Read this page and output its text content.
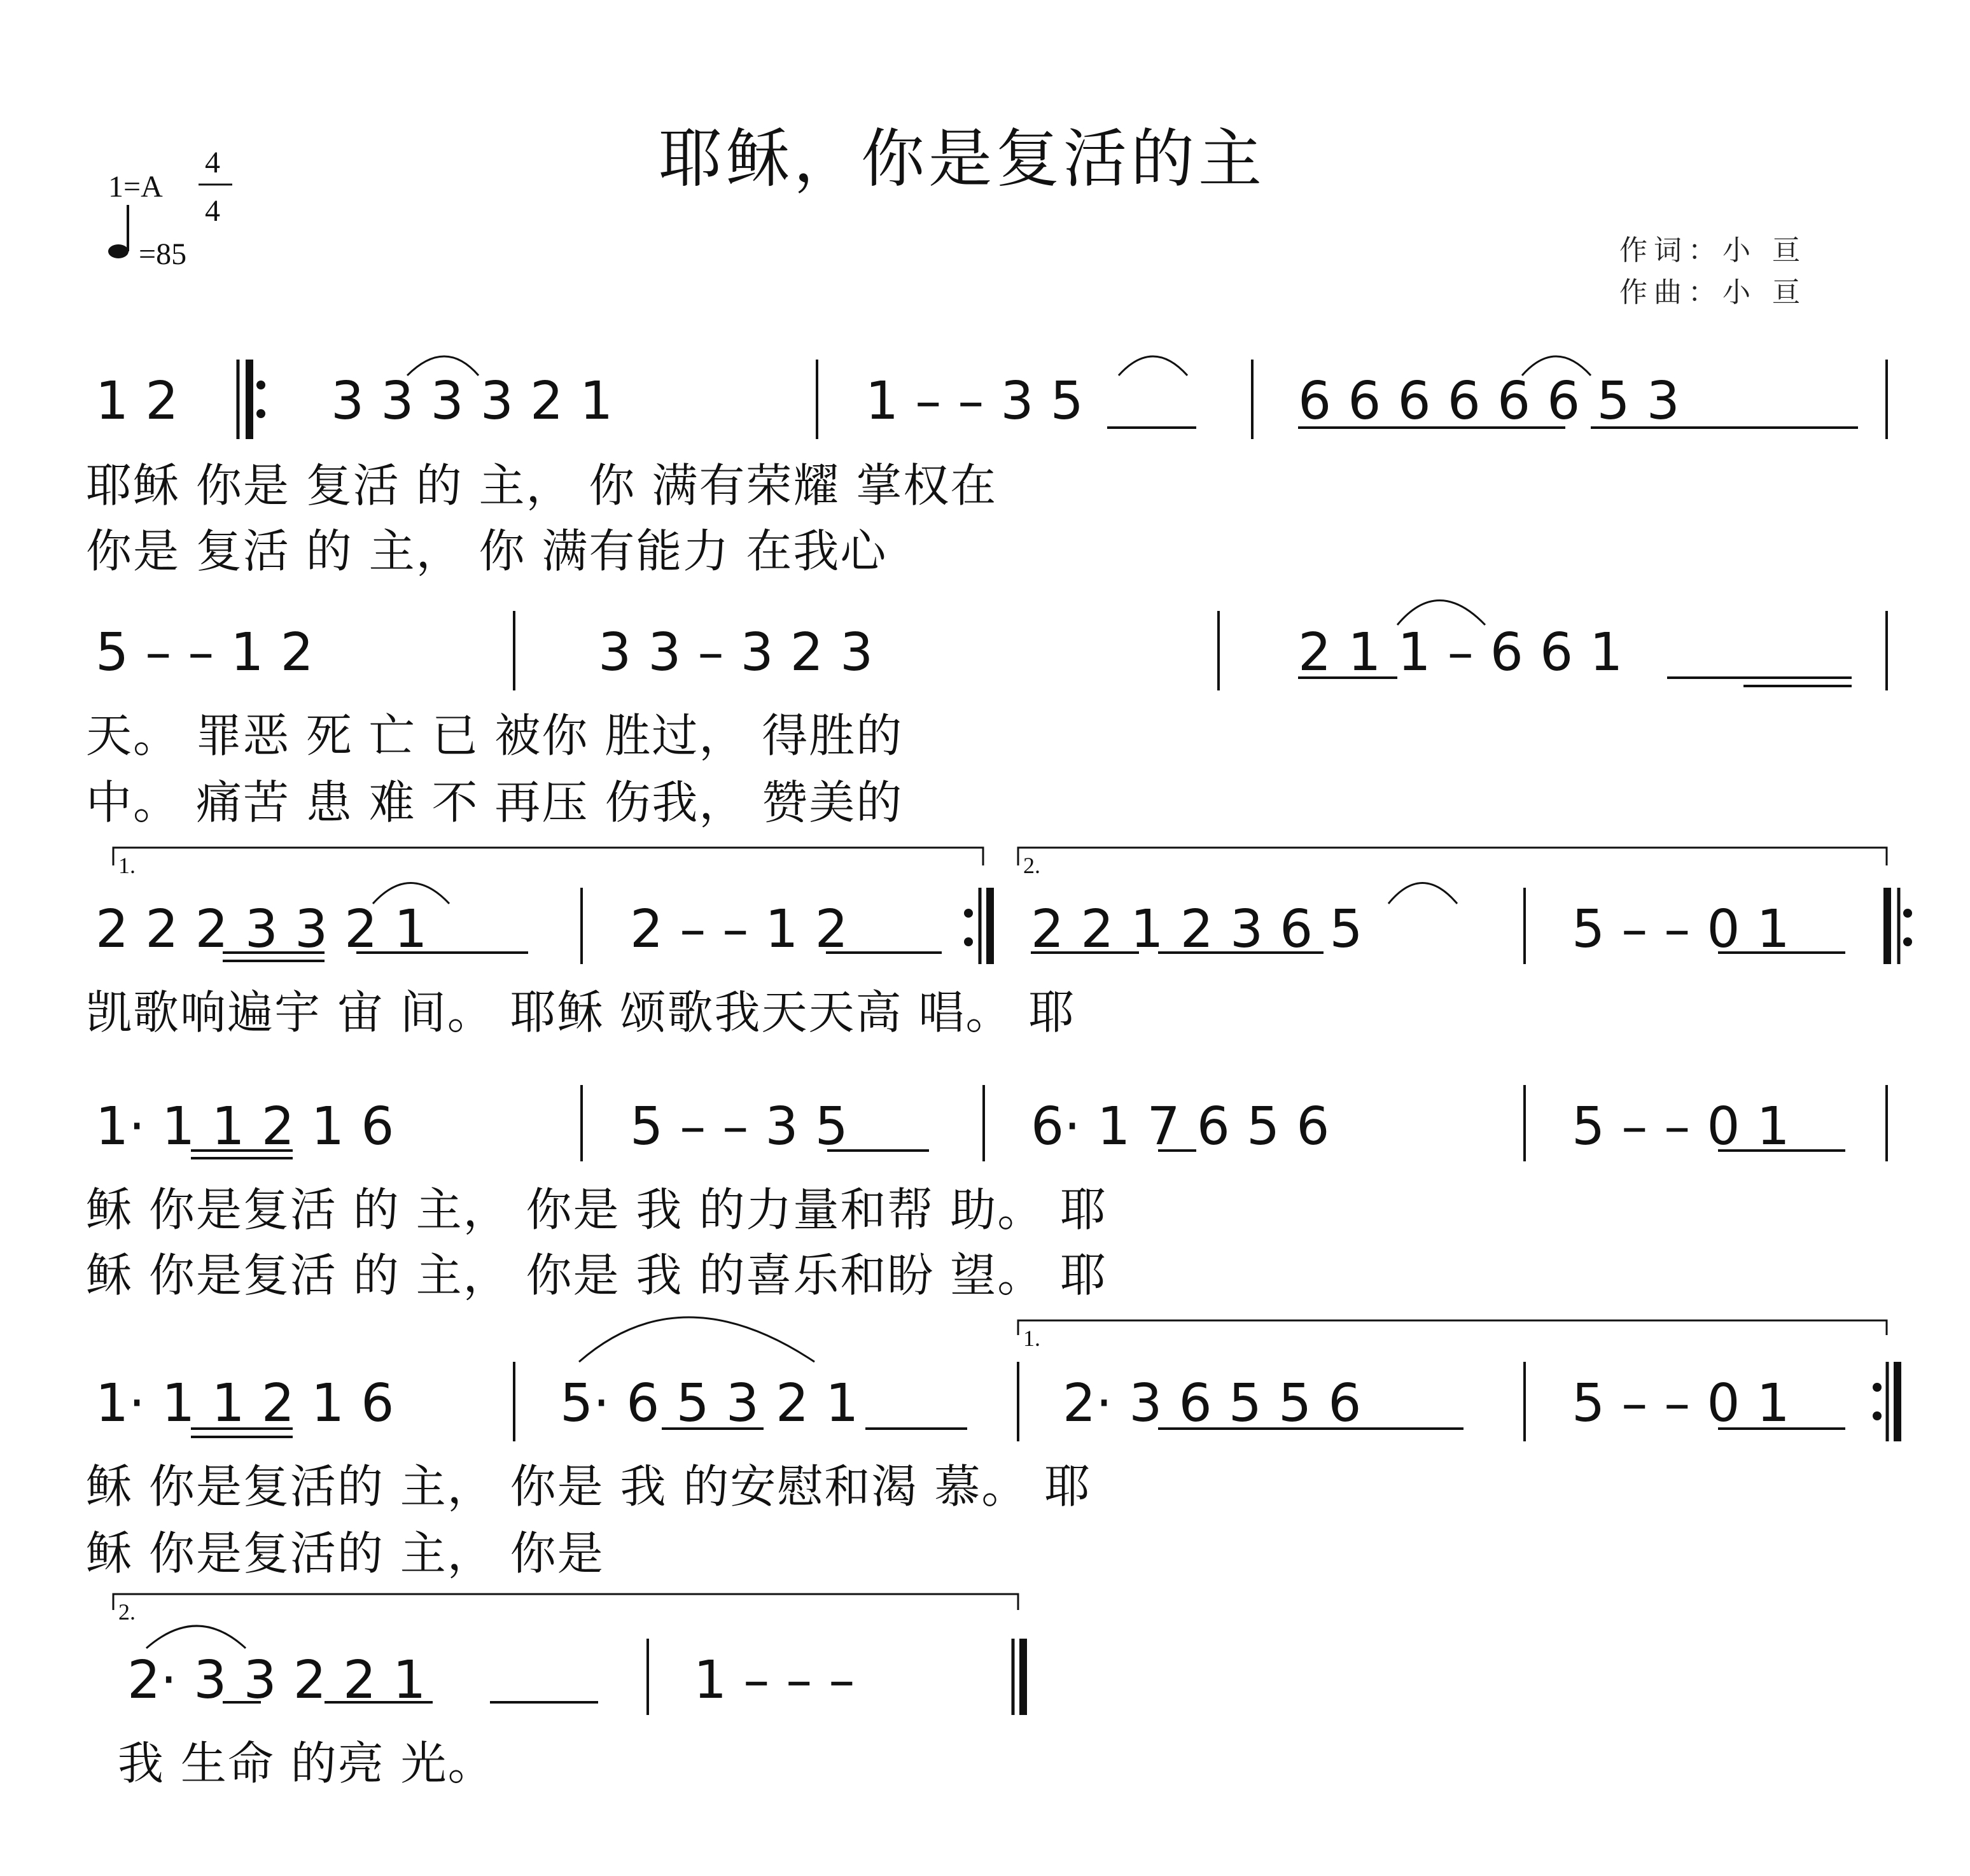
耶稣，你是复活的主
1=A
4
4
=85	作词：小 亘
作曲：小 亘
1 2	3 3 3 3 2 1	1 – – 3 5	6 6 6 6 6 6 5 3
耶稣 你是 复活 的 主， 你 满有荣耀 掌权在
你是 复活 的 主， 你 满有能力 在我心
5 – – 1 2	3 3 – 3 2 3	2 1 1 – 6 6 1
天。 罪恶 死 亡 已 被你 胜过， 得胜的
中。 痛苦 患 难 不 再压 伤我， 赞美的
1.	2.
2 2 2 3 3 2 1	2 – – 1 2	2 2 1 2 3 6 5	5 – – 0 1
凯歌响遍宇 宙 间。 耶稣 颂歌我天天高 唱。 耶
1· 1 1 2 1 6	5 – – 3 5	6· 1 7 6 5 6	5 – – 0 1
稣 你是复活 的 主， 你是 我 的力量和帮 助。 耶
稣 你是复活 的 主， 你是 我 的喜乐和盼 望。 耶
1.
1· 1 1 2 1 6	5· 6 5 3 2 1	2· 3 6 5 5 6	5 – – 0 1
稣 你是复活的 主， 你是 我 的安慰和渴 慕。 耶
稣 你是复活的 主， 你是
2.
2· 3 3 2 2 1	1 – – –
我 生命 的亮 光。
